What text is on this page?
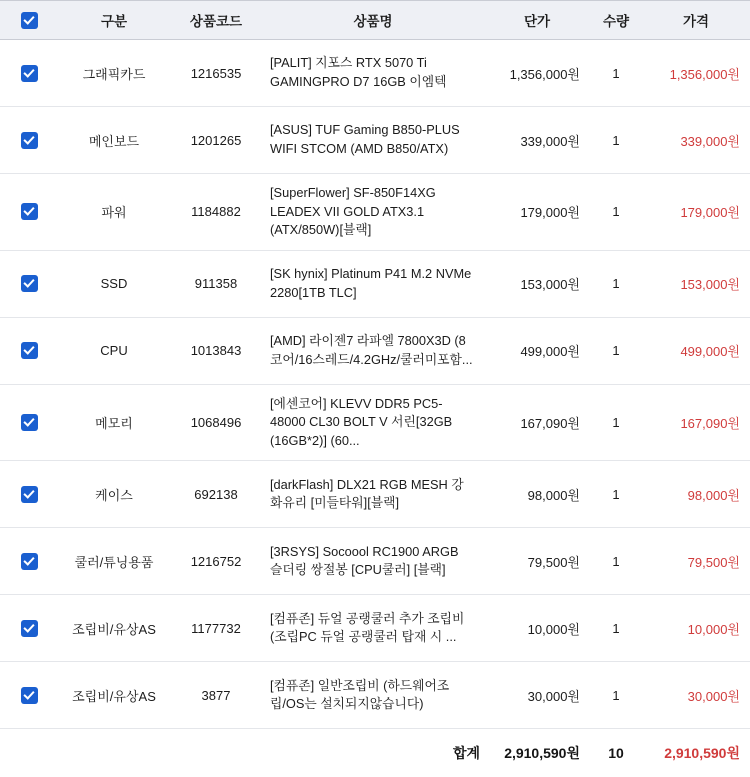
	구분	상품코드	상품명	단가	수량	가격
	그래픽카드	1216535	[PALIT] 지포스 RTX 5070 Ti GAMINGPRO D7 16GB 이엠텍	1,356,000원	1	1,356,000원
	메인보드	1201265	[ASUS] TUF Gaming B850-PLUS WIFI STCOM (AMD B850/ATX)	339,000원	1	339,000원
	파워	1184882	[SuperFlower] SF-850F14XG LEADEX VII GOLD ATX3.1 (ATX/850W)[블랙]	179,000원	1	179,000원
	SSD	911358	[SK hynix] Platinum P41 M.2 NVMe 2280[1TB TLC]	153,000원	1	153,000원
	CPU	1013843	[AMD] 라이젠7 라파엘 7800X3D (8코어/16스레드/4.2GHz/쿨러미포함...	499,000원	1	499,000원
	메모리	1068496	[에센코어] KLEVV DDR5 PC5-48000 CL30 BOLT V 서린[32GB (16GB*2)] (60...	167,090원	1	167,090원
	케이스	692138	[darkFlash] DLX21 RGB MESH 강화유리 [미들타워][블랙]	98,000원	1	98,000원
	쿨러/튜닝용품	1216752	[3RSYS] Socoool RC1900 ARGB 슬더링 쌍절봉 [CPU쿨러] [블랙]	79,500원	1	79,500원
	조립비/유상AS	1177732	[컴퓨존] 듀얼 공랭쿨러 추가 조립비(조립PC 듀얼 공랭쿨러 탑재 시 ...	10,000원	1	10,000원
	조립비/유상AS	3877	[컴퓨존] 일반조립비 (하드웨어조립/OS는 설치되지않습니다)	30,000원	1	30,000원
합계				2,910,590원	10	2,910,590원
